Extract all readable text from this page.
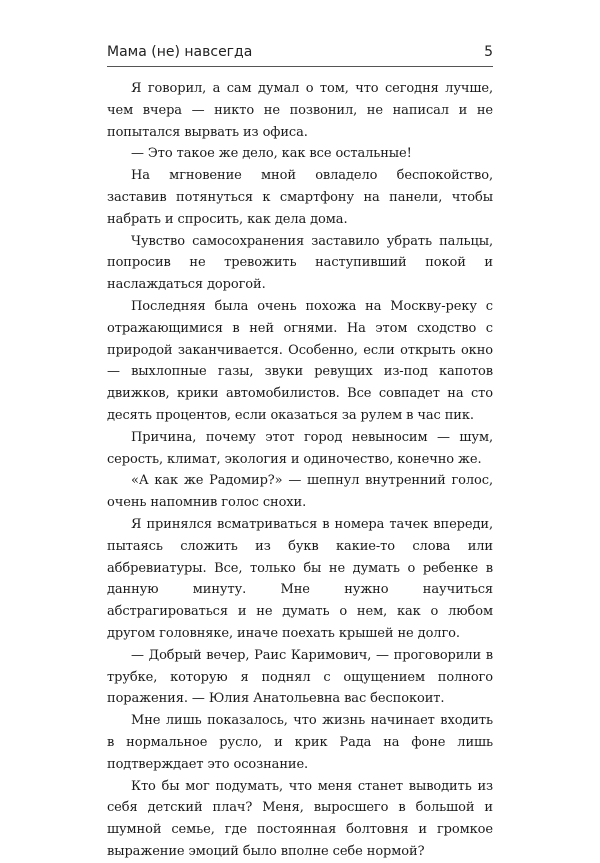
Мама (не) навсегда	5

Я говорил, а сам думал о том, что сегодня лучше, чем вчера — никто не позвонил, не написал и не попытался вырвать из офиса.

— Это такое же дело, как все остальные!

На мгновение мной овладело беспокойство, заставив потянуться к смартфону на панели, чтобы набрать и спросить, как дела дома.

Чувство самосохранения заставило убрать пальцы, попросив не тревожить наступивший покой и наслаждаться дорогой.

Последняя была очень похожа на Москву-реку с отражающимися в ней огнями. На этом сходство с природой заканчивается. Особенно, если открыть окно — выхлопные газы, звуки ревущих из-под капотов движков, крики автомобилистов. Все совпадет на сто десять процентов, если оказаться за рулем в час пик.

Причина, почему этот город невыносим — шум, серость, климат, экология и одиночество, конечно же.

«А как же Радомир?» — шепнул внутренний голос, очень напомнив голос снохи.

Я принялся всматриваться в номера тачек впереди, пытаясь сложить из букв какие-то слова или аббревиатуры. Все, только бы не думать о ребенке в данную минуту. Мне нужно научиться абстрагироваться и не думать о нем, как о любом другом головняке, иначе поехать крышей не долго.

— Добрый вечер, Раис Каримович, — проговорили в трубке, которую я поднял с ощущением полного поражения. — Юлия Анатольевна вас беспокоит.

Мне лишь показалось, что жизнь начинает входить в нормальное русло, и крик Рада на фоне лишь подтверждает это осознание.

Кто бы мог подумать, что меня станет выводить из себя детский плач? Меня, выросшего в большой и шумной семье, где постоянная болтовня и громкое выражение эмоций было вполне себе нормой?
